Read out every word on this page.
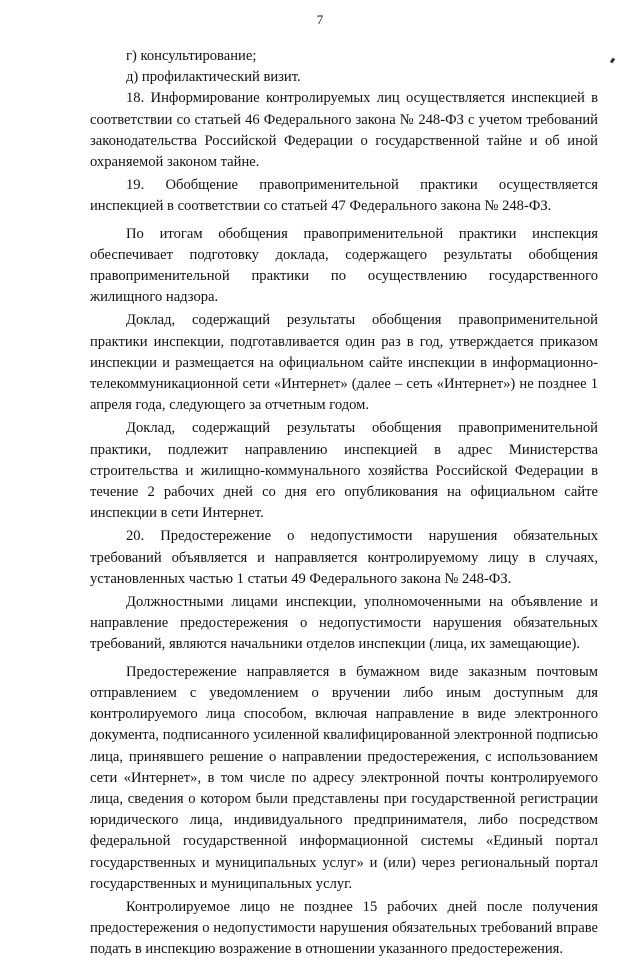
7

г) консультирование;

д) профилактический визит.

18. Информирование контролируемых лиц осуществляется инспекцией в соответствии со статьей 46 Федерального закона № 248-ФЗ с учетом требований законодательства Российской Федерации о государственной тайне и об иной охраняемой законом тайне.

19. Обобщение правоприменительной практики осуществляется инспекцией в соответствии со статьей 47 Федерального закона № 248-ФЗ.

По итогам обобщения правоприменительной практики инспекция обеспечивает подготовку доклада, содержащего результаты обобщения правоприменительной практики по осуществлению государственного жилищного надзора.

Доклад, содержащий результаты обобщения правоприменительной практики инспекции, подготавливается один раз в год, утверждается приказом инспекции и размещается на официальном сайте инспекции в информационно-телекоммуникационной сети «Интернет» (далее – сеть «Интернет») не позднее 1 апреля года, следующего за отчетным годом.

Доклад, содержащий результаты обобщения правоприменительной практики, подлежит направлению инспекцией в адрес Министерства строительства и жилищно-коммунального хозяйства Российской Федерации в течение 2 рабочих дней со дня его опубликования на официальном сайте инспекции в сети Интернет.

20. Предостережение о недопустимости нарушения обязательных требований объявляется и направляется контролируемому лицу в случаях, установленных частью 1 статьи 49 Федерального закона № 248-ФЗ.

Должностными лицами инспекции, уполномоченными на объявление и направление предостережения о недопустимости нарушения обязательных требований, являются начальники отделов инспекции (лица, их замещающие).

Предостережение направляется в бумажном виде заказным почтовым отправлением с уведомлением о вручении либо иным доступным для контролируемого лица способом, включая направление в виде электронного документа, подписанного усиленной квалифицированной электронной подписью лица, принявшего решение о направлении предостережения, с использованием сети «Интернет», в том числе по адресу электронной почты контролируемого лица, сведения о котором были представлены при государственной регистрации юридического лица, индивидуального предпринимателя, либо посредством федеральной государственной информационной системы «Единый портал государственных и муниципальных услуг» и (или) через региональный портал государственных и муниципальных услуг.

Контролируемое лицо не позднее 15 рабочих дней после получения предостережения о недопустимости нарушения обязательных требований вправе подать в инспекцию возражение в отношении указанного предостережения.
